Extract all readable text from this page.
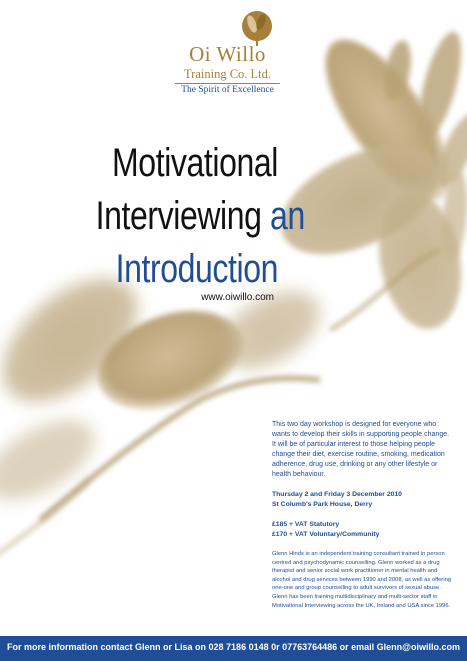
Oi Willo
Training Co. Ltd.
The Spirit of Excellence
Motivational
Interviewing an
Introduction
www.oiwillo.com

This two day workshop is designed for everyone who wants to develop their skills in supporting people change. It will be of particular interest to those helping people change their diet, exercise routine, smoking, medication adherence, drug use, drinking or any other lifestyle or health behaviour.

Thursday 2 and Friday 3 December 2010

St Columb's Park House, Derry

£185 + VAT Statutory

£170 + VAT Voluntary/Community

Glenn Hinds is an independent training consultant trained in person centred and psychodynamic counselling. Glenn worked as a drug therapist and senior social work practitioner in mental health and alcohol and drug services between 1990 and 2008, as well as offering one-one and group counselling to adult survivors of sexual abuse. Glenn has been training multidisciplinary and multi-sector staff in Motivational Interviewing across the UK, Ireland and USA since 1996.

For more information contact Glenn or Lisa on 028 7186 0148 0r 07763764486 or email Glenn@oiwillo.com
